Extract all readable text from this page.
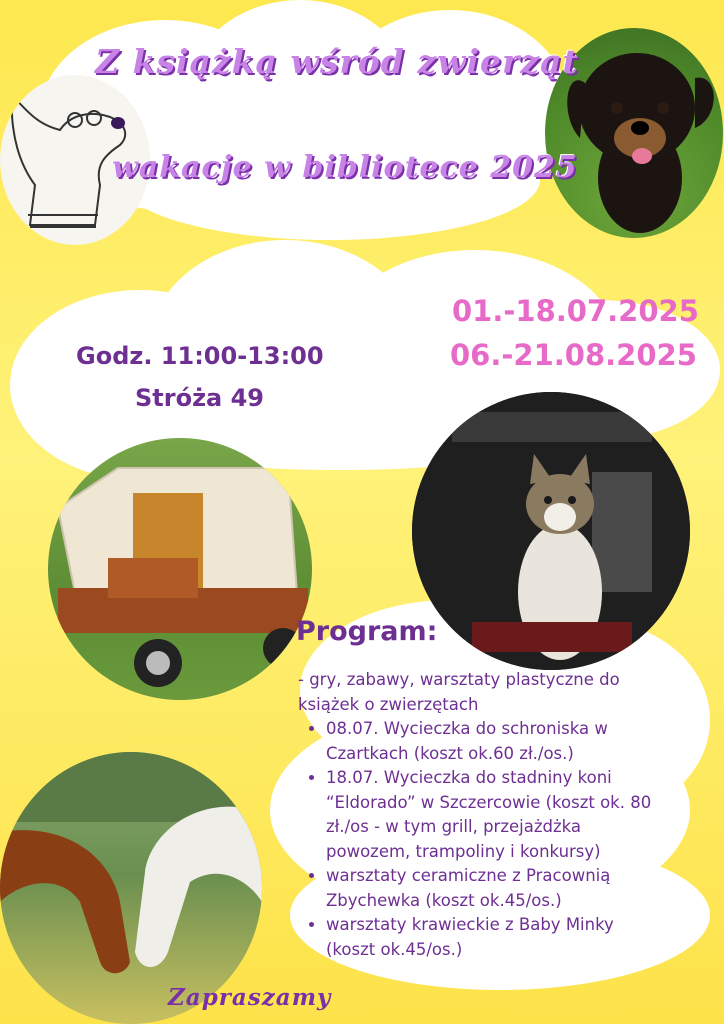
Z książką wśród zwierząt
wakacje w bibliotece 2025
Godz. 11:00-13:00
Stróża 49
01.-18.07.2025
06.-21.08.2025
Program:
- gry, zabawy, warsztaty plastyczne do książek o zwierzętach
• 08.07. Wycieczka do schroniska w Czartkach (koszt ok.60 zł./os.)
• 18.07. Wycieczka do stadniny koni “Eldorado” w Szczercowie (koszt ok. 80 zł./os - w tym grill, przejażdżka powozem, trampoliny i konkursy)
• warsztaty ceramiczne z Pracownią Zbychewka (koszt ok.45/os.)
• warsztaty krawieckie z Baby Minky (koszt ok.45/os.)
Zapraszamy
